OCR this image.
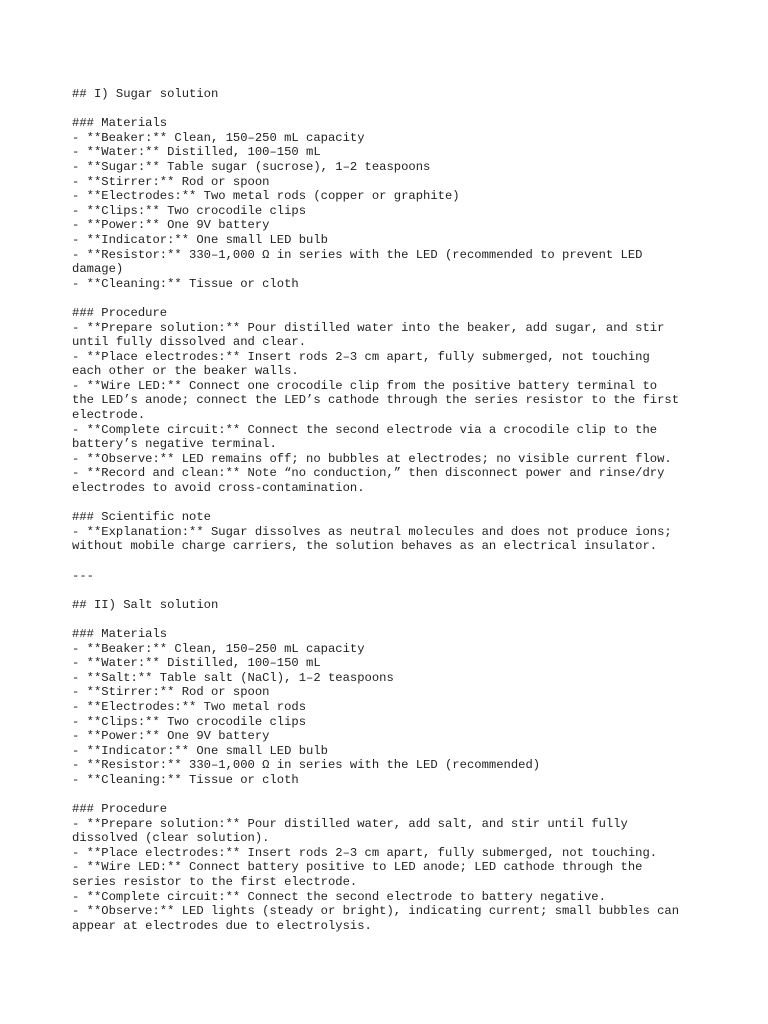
## I) Sugar solution
### Materials
- **Beaker:** Clean, 150–250 mL capacity
- **Water:** Distilled, 100–150 mL
- **Sugar:** Table sugar (sucrose), 1–2 teaspoons
- **Stirrer:** Rod or spoon
- **Electrodes:** Two metal rods (copper or graphite)
- **Clips:** Two crocodile clips
- **Power:** One 9V battery
- **Indicator:** One small LED bulb
- **Resistor:** 330–1,000 Ω in series with the LED (recommended to prevent LED
damage)
- **Cleaning:** Tissue or cloth
### Procedure
- **Prepare solution:** Pour distilled water into the beaker, add sugar, and stir
until fully dissolved and clear.
- **Place electrodes:** Insert rods 2–3 cm apart, fully submerged, not touching
each other or the beaker walls.
- **Wire LED:** Connect one crocodile clip from the positive battery terminal to
the LED’s anode; connect the LED’s cathode through the series resistor to the first
electrode.
- **Complete circuit:** Connect the second electrode via a crocodile clip to the
battery’s negative terminal.
- **Observe:** LED remains off; no bubbles at electrodes; no visible current flow.
- **Record and clean:** Note “no conduction,” then disconnect power and rinse/dry
electrodes to avoid cross-contamination.
### Scientific note
- **Explanation:** Sugar dissolves as neutral molecules and does not produce ions;
without mobile charge carriers, the solution behaves as an electrical insulator.
---
## II) Salt solution
### Materials
- **Beaker:** Clean, 150–250 mL capacity
- **Water:** Distilled, 100–150 mL
- **Salt:** Table salt (NaCl), 1–2 teaspoons
- **Stirrer:** Rod or spoon
- **Electrodes:** Two metal rods
- **Clips:** Two crocodile clips
- **Power:** One 9V battery
- **Indicator:** One small LED bulb
- **Resistor:** 330–1,000 Ω in series with the LED (recommended)
- **Cleaning:** Tissue or cloth
### Procedure
- **Prepare solution:** Pour distilled water, add salt, and stir until fully
dissolved (clear solution).
- **Place electrodes:** Insert rods 2–3 cm apart, fully submerged, not touching.
- **Wire LED:** Connect battery positive to LED anode; LED cathode through the
series resistor to the first electrode.
- **Complete circuit:** Connect the second electrode to battery negative.
- **Observe:** LED lights (steady or bright), indicating current; small bubbles can
appear at electrodes due to electrolysis.
